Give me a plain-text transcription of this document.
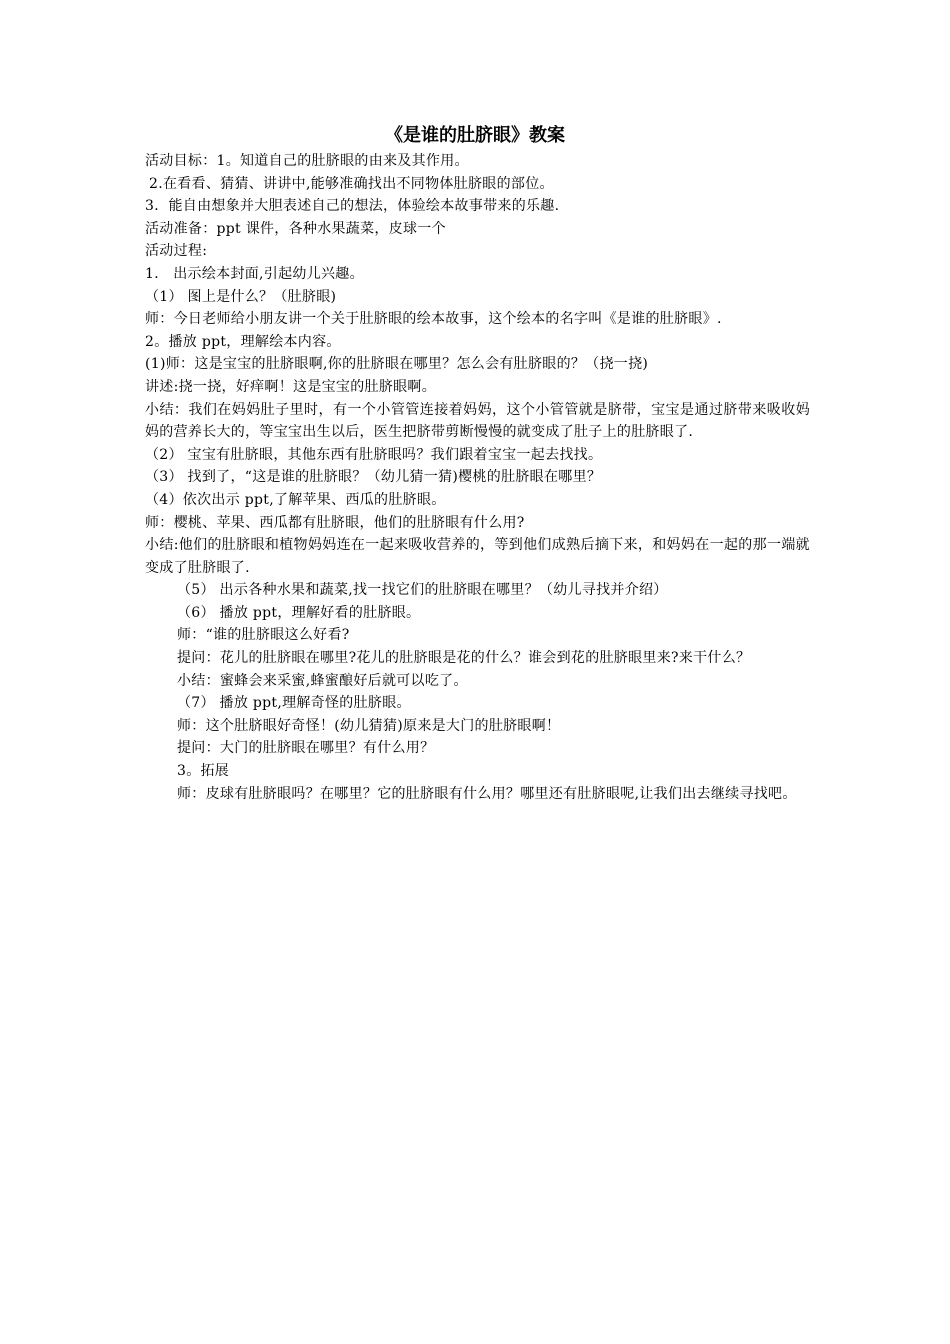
《是谁的肚脐眼》教案

活动目标：1。知道自己的肚脐眼的由来及其作用。

2.在看看、猜猜、讲讲中,能够准确找出不同物体肚脐眼的部位。

3．能自由想象并大胆表述自己的想法，体验绘本故事带来的乐趣.

活动准备：ppt 课件，各种水果蔬菜，皮球一个

活动过程:

1． 出示绘本封面,引起幼儿兴趣。

（1） 图上是什么？（肚脐眼)

师：今日老师给小朋友讲一个关于肚脐眼的绘本故事，这个绘本的名字叫《是谁的肚脐眼》.

2。播放 ppt，理解绘本内容。

(1)师：这是宝宝的肚脐眼啊,你的肚脐眼在哪里？怎么会有肚脐眼的？（挠一挠)

讲述:挠一挠，好痒啊！这是宝宝的肚脐眼啊。

小结：我们在妈妈肚子里时，有一个小管管连接着妈妈，这个小管管就是脐带，宝宝是通过脐带来吸收妈妈的营养长大的，等宝宝出生以后，医生把脐带剪断慢慢的就变成了肚子上的肚脐眼了.

（2） 宝宝有肚脐眼，其他东西有肚脐眼吗？我们跟着宝宝一起去找找。

（3） 找到了，“这是谁的肚脐眼？（幼儿猜一猜)樱桃的肚脐眼在哪里？

（4）依次出示 ppt,了解苹果、西瓜的肚脐眼。

师：樱桃、苹果、西瓜都有肚脐眼，他们的肚脐眼有什么用?

小结:他们的肚脐眼和植物妈妈连在一起来吸收营养的，等到他们成熟后摘下来，和妈妈在一起的那一端就变成了肚脐眼了.

（5） 出示各种水果和蔬菜,找一找它们的肚脐眼在哪里？（幼儿寻找并介绍）

（6） 播放 ppt，理解好看的肚脐眼。

师：“谁的肚脐眼这么好看?

提问：花儿的肚脐眼在哪里?花儿的肚脐眼是花的什么？谁会到花的肚脐眼里来?来干什么？

小结：蜜蜂会来采蜜,蜂蜜酿好后就可以吃了。

（7） 播放 ppt,理解奇怪的肚脐眼。

师：这个肚脐眼好奇怪！(幼儿猜猜)原来是大门的肚脐眼啊！

提问：大门的肚脐眼在哪里？有什么用？

3。拓展

师：皮球有肚脐眼吗？在哪里？它的肚脐眼有什么用？哪里还有肚脐眼呢,让我们出去继续寻找吧。
